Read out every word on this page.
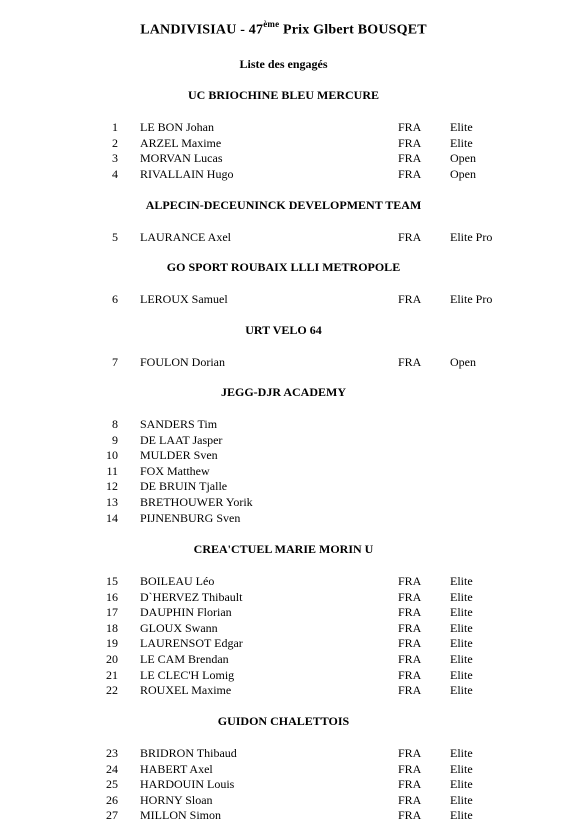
LANDIVISIAU - 47ème Prix Glbert BOUSQET
Liste des engagés
UC BRIOCHINE BLEU MERCURE
1 LE BON Johan	FRA Elite
2 ARZEL Maxime	FRA Elite
3 MORVAN Lucas	FRA Open
4 RIVALLAIN Hugo	FRA Open
ALPECIN-DECEUNINCK DEVELOPMENT TEAM
5 LAURANCE Axel	FRA Elite Pro
GO SPORT ROUBAIX LLLI METROPOLE
6 LEROUX Samuel	FRA Elite Pro
URT VELO 64
7 FOULON Dorian	FRA Open
JEGG-DJR ACADEMY
8 SANDERS Tim
9 DE LAAT Jasper
10 MULDER Sven
11 FOX Matthew
12 DE BRUIN Tjalle
13 BRETHOUWER Yorik
14 PIJNENBURG Sven
CREA'CTUEL MARIE MORIN U
15 BOILEAU Léo	FRA Elite
16 D`HERVEZ Thibault	FRA Elite
17 DAUPHIN Florian	FRA Elite
18 GLOUX Swann	FRA Elite
19 LAURENSOT Edgar	FRA Elite
20 LE CAM Brendan	FRA Elite
21 LE CLEC'H Lomig	FRA Elite
22 ROUXEL Maxime	FRA Elite
GUIDON CHALETTOIS
23 BRIDRON Thibaud	FRA Elite
24 HABERT Axel	FRA Elite
25 HARDOUIN Louis	FRA Elite
26 HORNY Sloan	FRA Elite
27 MILLON Simon	FRA Elite
